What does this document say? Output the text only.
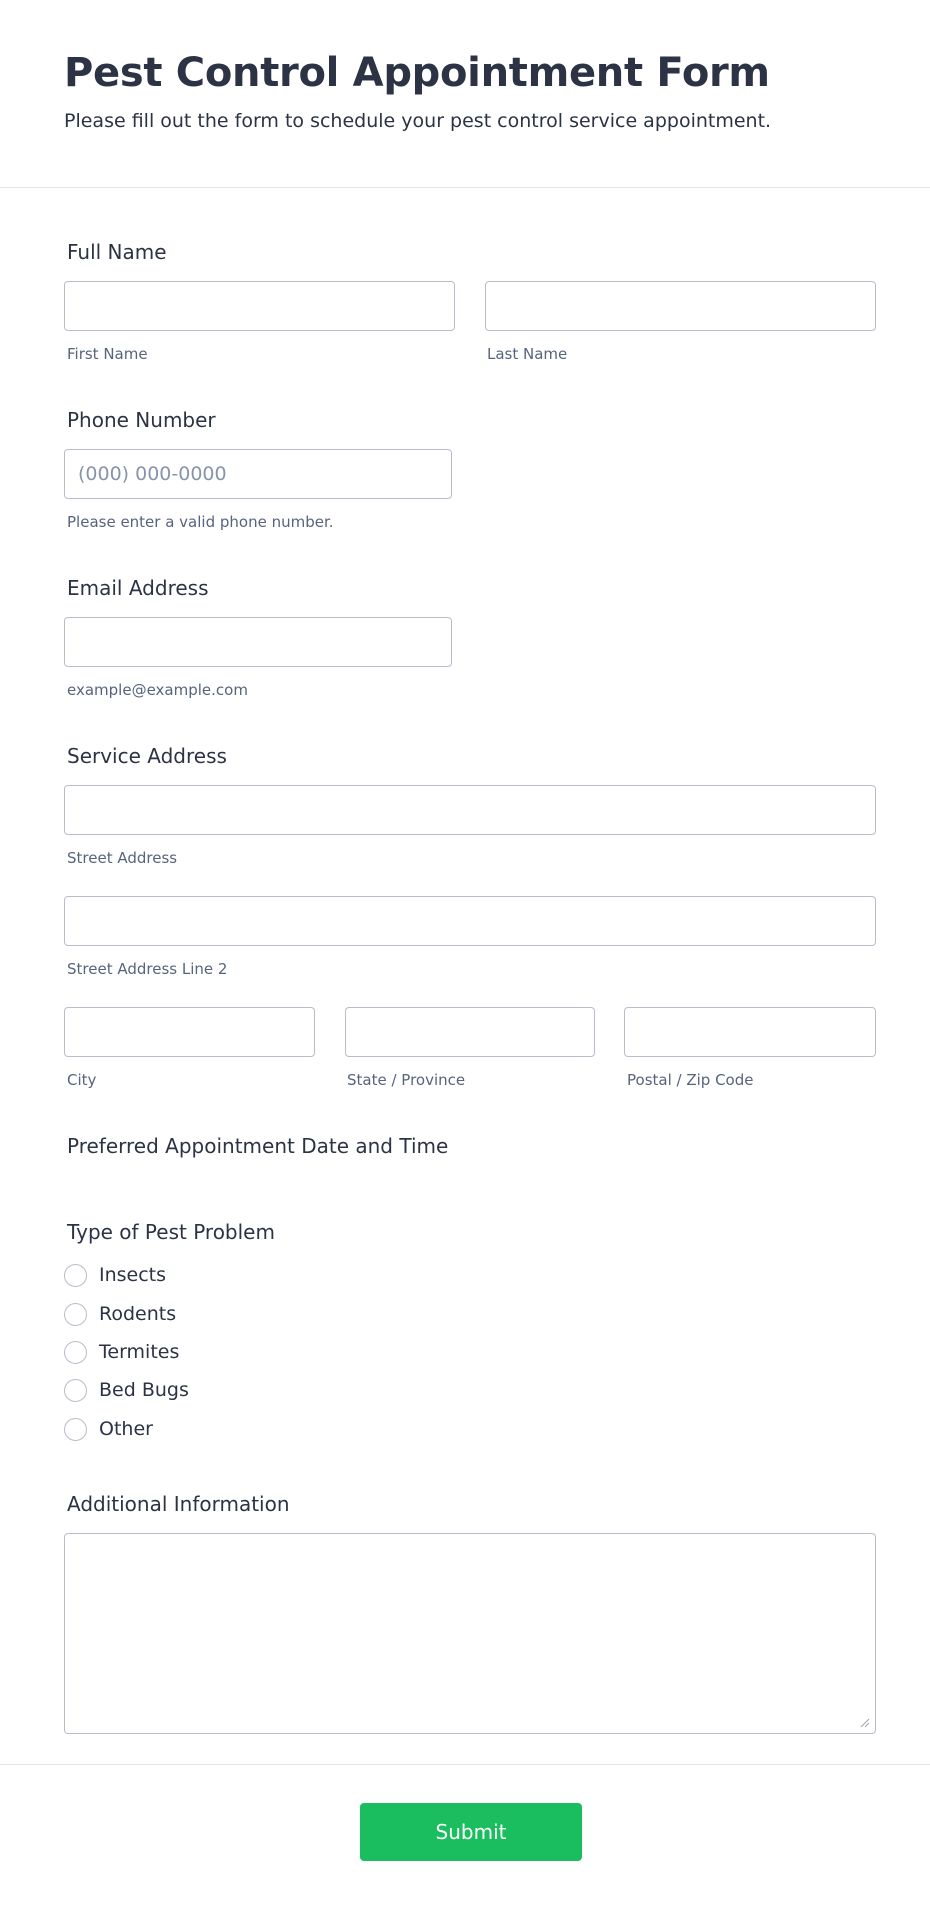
Pest Control Appointment Form

Please fill out the form to schedule your pest control service appointment.

Full Name
First Name	Last Name
Phone Number
(000) 000-0000
Please enter a valid phone number.
Email Address
example@example.com
Service Address
Street Address
Street Address Line 2
City	State / Province	Postal / Zip Code
Preferred Appointment Date and Time
Type of Pest Problem
Insects
Rodents
Termites
Bed Bugs
Other
Additional Information
Submit
